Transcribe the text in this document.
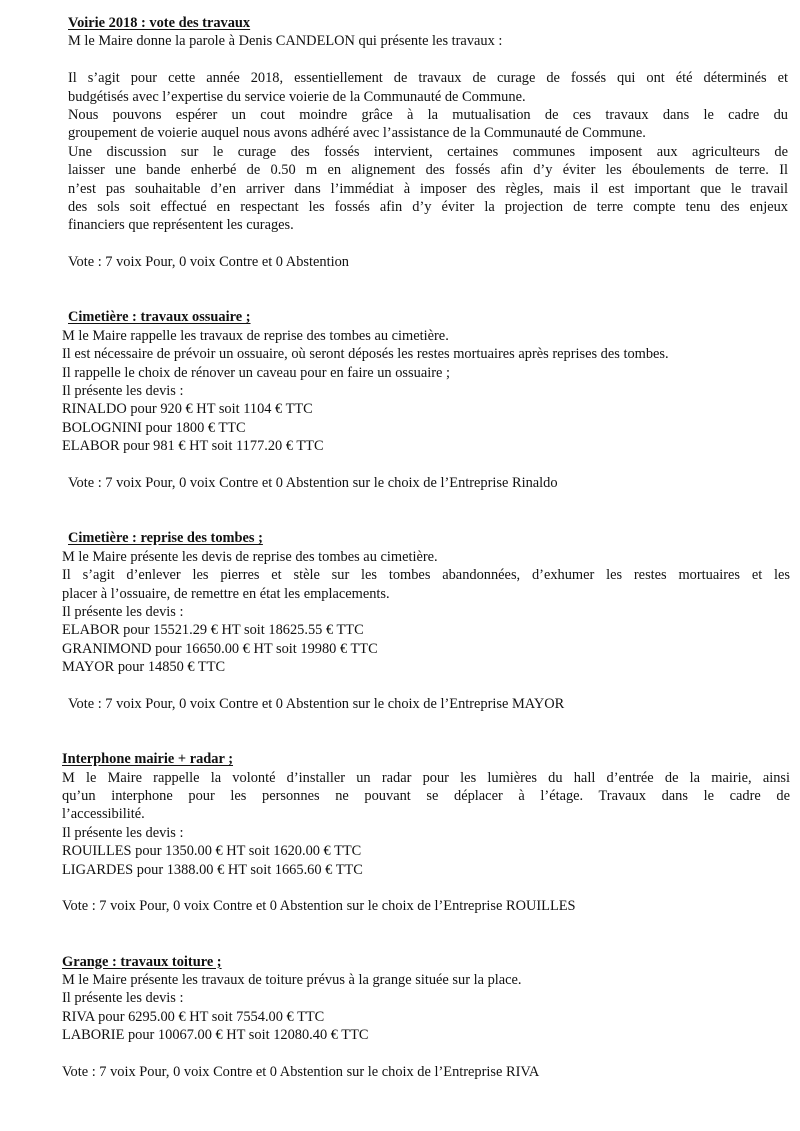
Voirie 2018 : vote des travaux

M le Maire donne la parole à Denis CANDELON qui présente les travaux :

Il s’agit pour cette année 2018, essentiellement de travaux de curage de fossés qui ont été déterminés et

budgétisés avec l’expertise du service voierie de la Communauté de Commune.

Nous pouvons espérer un cout moindre grâce à la mutualisation de ces travaux dans le cadre du

groupement de voierie auquel nous avons adhéré avec l’assistance de la Communauté de Commune.

Une discussion sur le curage des fossés intervient, certaines communes imposent aux agriculteurs de

laisser une bande enherbé de 0.50 m en alignement des fossés afin d’y éviter les éboulements de terre. Il

n’est pas souhaitable d’en arriver dans l’immédiat à imposer des règles, mais il est important que le travail

des sols soit effectué en respectant les fossés afin d’y éviter la projection de terre compte tenu des enjeux

financiers que représentent les curages.

Vote : 7 voix Pour, 0 voix Contre et 0 Abstention

Cimetière : travaux ossuaire ;

M le Maire rappelle les travaux de reprise des tombes au cimetière.

Il est nécessaire de prévoir un ossuaire, où seront déposés les restes mortuaires après reprises des tombes.

Il rappelle le choix de rénover un caveau pour en faire un ossuaire ;

Il présente les devis :

RINALDO pour 920 € HT soit 1104 € TTC

BOLOGNINI pour 1800 € TTC

ELABOR pour 981 € HT soit 1177.20 € TTC

Vote : 7 voix Pour, 0 voix Contre et 0 Abstention sur le choix de l’Entreprise Rinaldo

Cimetière : reprise des tombes ;

M le Maire présente les devis de reprise des tombes au cimetière.

Il s’agit d’enlever les pierres et stèle sur les tombes abandonnées, d’exhumer les restes mortuaires et les

placer à l’ossuaire, de remettre en état les emplacements.

Il présente les devis :

ELABOR pour 15521.29 € HT soit 18625.55 € TTC

GRANIMOND pour 16650.00 € HT soit 19980 € TTC

MAYOR pour 14850 € TTC

Vote : 7 voix Pour, 0 voix Contre et 0 Abstention sur le choix de l’Entreprise MAYOR

Interphone mairie + radar ;

M le Maire rappelle la volonté d’installer un radar pour les lumières du hall d’entrée de la mairie, ainsi

qu’un interphone pour les personnes ne pouvant se déplacer à l’étage. Travaux dans le cadre de

l’accessibilité.

Il présente les devis :

ROUILLES pour 1350.00 € HT soit 1620.00 € TTC

LIGARDES pour 1388.00 € HT soit 1665.60 € TTC

Vote : 7 voix Pour, 0 voix Contre et 0 Abstention sur le choix de l’Entreprise ROUILLES

Grange : travaux toiture ;

M le Maire présente les travaux de toiture prévus à la grange située sur la place.

Il présente les devis :

RIVA pour 6295.00 € HT soit 7554.00 € TTC

LABORIE pour 10067.00 € HT soit 12080.40 € TTC

Vote : 7 voix Pour, 0 voix Contre et 0 Abstention sur le choix de l’Entreprise RIVA
